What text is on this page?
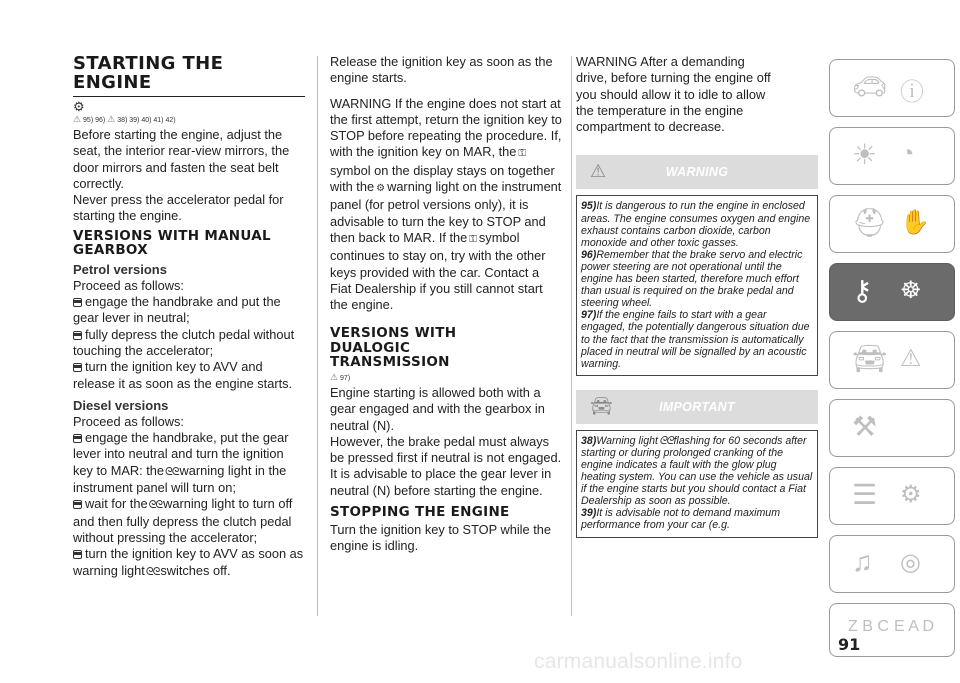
STARTING THE ENGINE
⚙
⚠ 95) 96) ⚠ 38) 39) 40) 41) 42)

Before starting the engine, adjust the seat, the interior rear-view mirrors, the door mirrors and fasten the seat belt correctly.

Never press the accelerator pedal for starting the engine.

VERSIONS WITH MANUAL GEARBOX
Petrol versions

Proceed as follows:

engage the handbrake and put the gear lever in neutral;

fully depress the clutch pedal without touching the accelerator;

turn the ignition key to AVV and release it as soon as the engine starts.

Diesel versions

Proceed as follows:

engage the handbrake, put the gear lever into neutral and turn the ignition key to MAR: theᘓᘓwarning light in the instrument panel will turn on;

wait for theᘓᘓwarning light to turn off and then fully depress the clutch pedal without pressing the accelerator;

turn the ignition key to AVV as soon as warning lightᘓᘓswitches off.

Release the ignition key as soon as the engine starts.

WARNING If the engine does not start at the first attempt, return the ignition key to STOP before repeating the procedure. If, with the ignition key on MAR, the ⚿symbol on the display stays on together with the ⚙ warning light on the instrument panel (for petrol versions only), it is advisable to turn the key to STOP and then back to MAR. If the ⚿ symbol continues to stay on, try with the other keys provided with the car. Contact a Fiat Dealership if you still cannot start the engine.

VERSIONS WITH DUALOGIC TRANSMISSION
⚠ 97)

Engine starting is allowed both with a gear engaged and with the gearbox in neutral (N).

However, the brake pedal must always be pressed first if neutral is not engaged. It is advisable to place the gear lever in neutral (N) before starting the engine.

STOPPING THE ENGINE

Turn the ignition key to STOP while the engine is idling.

WARNING After a demanding drive, before turning the engine off you should allow it to idle to allow the temperature in the engine compartment to decrease.

⚠	WARNING

95)It is dangerous to run the engine in enclosed areas. The engine consumes oxygen and engine exhaust contains carbon dioxide, carbon monoxide and other toxic gasses.

96)Remember that the brake servo and electric power steering are not operational until the engine has been started, therefore much effort than usual is required on the brake pedal and steering wheel.

97)If the engine fails to start with a gear engaged, the potentially dangerous situation due to the fact that the transmission is automatically placed in neutral will be signalled by an acoustic warning.

🚘︎	IMPORTANT

38)Warning lightᘓᘓflashing for 60 seconds after starting or during prolonged cranking of the engine indicates a fault with the glow plug heating system. You can use the vehicle as usual if the engine starts but you should contact a Fiat Dealership as soon as possible.

39)It is advisable not to demand maximum performance from your car (e.g.

🚗︎ ⓘ
☀ ◔
⛑ ✋
⚷ ☸
🚘︎ ⚠
⚒
☰ ⚙
♫ ◎
Z B C E A D
91
carmanualsonline.info
